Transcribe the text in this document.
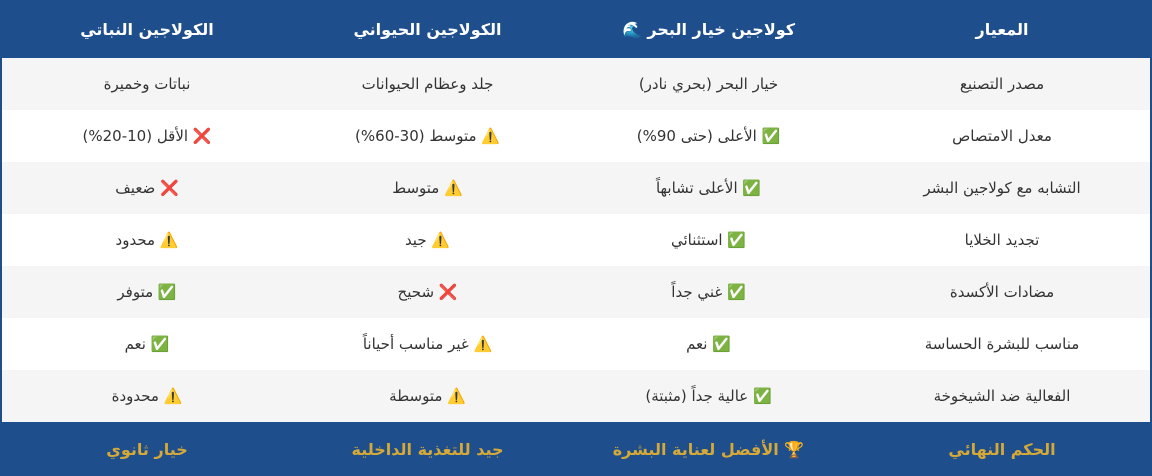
المعيار
كولاجين خيار البحر 🌊
الكولاجين الحيواني
الكولاجين النباتي
مصدر التصنيع
خيار البحر (بحري نادر)
جلد وعظام الحيوانات
نباتات وخميرة
معدل الامتصاص
✅ الأعلى (حتى 90%)
⚠️ متوسط (30-60%)
❌ الأقل (10-20%)
التشابه مع كولاجين البشر
✅ الأعلى تشابهاً
⚠️ متوسط
❌ ضعيف
تجديد الخلايا
✅ استثنائي
⚠️ جيد
⚠️ محدود
مضادات الأكسدة
✅ غني جداً
❌ شحيح
✅ متوفر
مناسب للبشرة الحساسة
✅ نعم
⚠️ غير مناسب أحياناً
✅ نعم
الفعالية ضد الشيخوخة
✅ عالية جداً (مثبتة)
⚠️ متوسطة
⚠️ محدودة
الحكم النهائي
🏆 الأفضل لعناية البشرة
جيد للتغذية الداخلية
خيار ثانوي
